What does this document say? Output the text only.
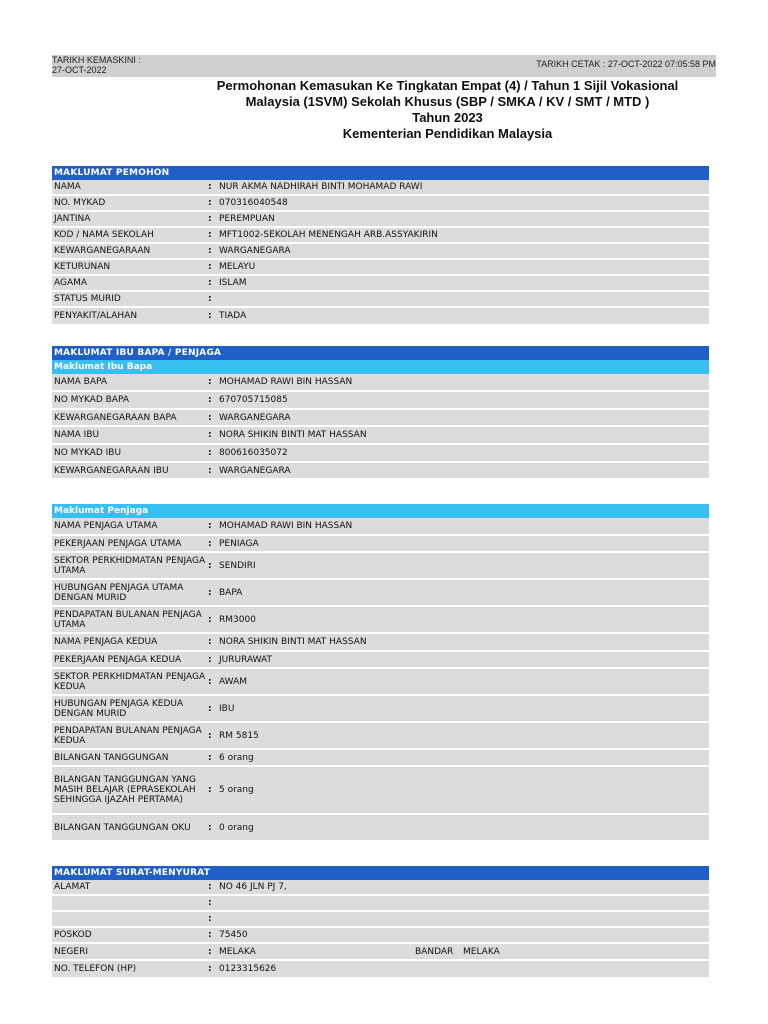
TARIKH KEMASKINI :
27-OCT-2022
TARIKH CETAK : 27-OCT-2022 07:05:58 PM
Permohonan Kemasukan Ke Tingkatan Empat (4) / Tahun 1 Sijil Vokasional
Malaysia (1SVM) Sekolah Khusus (SBP / SMKA / KV / SMT / MTD )
Tahun 2023
Kementerian Pendidikan Malaysia
MAKLUMAT PEMOHON		
NAMA	:	NUR AKMA NADHIRAH BINTI MOHAMAD RAWI
NO. MYKAD	:	070316040548
JANTINA	:	PEREMPUAN
KOD / NAMA SEKOLAH	:	MFT1002-SEKOLAH MENENGAH ARB.ASSYAKIRIN
KEWARGANEGARAAN	:	WARGANEGARA
KETURUNAN	:	MELAYU
AGAMA	:	ISLAM
STATUS MURID	:	
PENYAKIT/ALAHAN	:	TIADA
MAKLUMAT IBU BAPA / PENJAGA		
Maklumat Ibu Bapa		
NAMA BAPA	:	MOHAMAD RAWI BIN HASSAN
NO MYKAD BAPA	:	670705715085
KEWARGANEGARAAN BAPA	:	WARGANEGARA
NAMA IBU	:	NORA SHIKIN BINTI MAT HASSAN
NO MYKAD IBU	:	800616035072
KEWARGANEGARAAN IBU	:	WARGANEGARA
Maklumat Penjaga		
NAMA PENJAGA UTAMA	:	MOHAMAD RAWI BIN HASSAN
PEKERJAAN PENJAGA UTAMA	:	PENIAGA
SEKTOR PERKHIDMATAN PENJAGA UTAMA	:	SENDIRI
HUBUNGAN PENJAGA UTAMA DENGAN MURID	:	BAPA
PENDAPATAN BULANAN PENJAGA UTAMA	:	RM3000
NAMA PENJAGA KEDUA	:	NORA SHIKIN BINTI MAT HASSAN
PEKERJAAN PENJAGA KEDUA	:	JURURAWAT
SEKTOR PERKHIDMATAN PENJAGA KEDUA	:	AWAM
HUBUNGAN PENJAGA KEDUA DENGAN MURID	:	IBU
PENDAPATAN BULANAN PENJAGA KEDUA	:	RM 5815
BILANGAN TANGGUNGAN	:	6 orang
BILANGAN TANGGUNGAN YANG MASIH BELAJAR (EPRASEKOLAH SEHINGGA IJAZAH PERTAMA)	:	5 orang
BILANGAN TANGGUNGAN OKU	:	0 orang
MAKLUMAT SURAT-MENYURAT				
ALAMAT	:	NO 46 JLN PJ 7,		
	:			
	:			
POSKOD	:	75450		
NEGERI	:	MELAKA	BANDAR	MELAKA
NO. TELEFON (HP)	:	0123315626		
